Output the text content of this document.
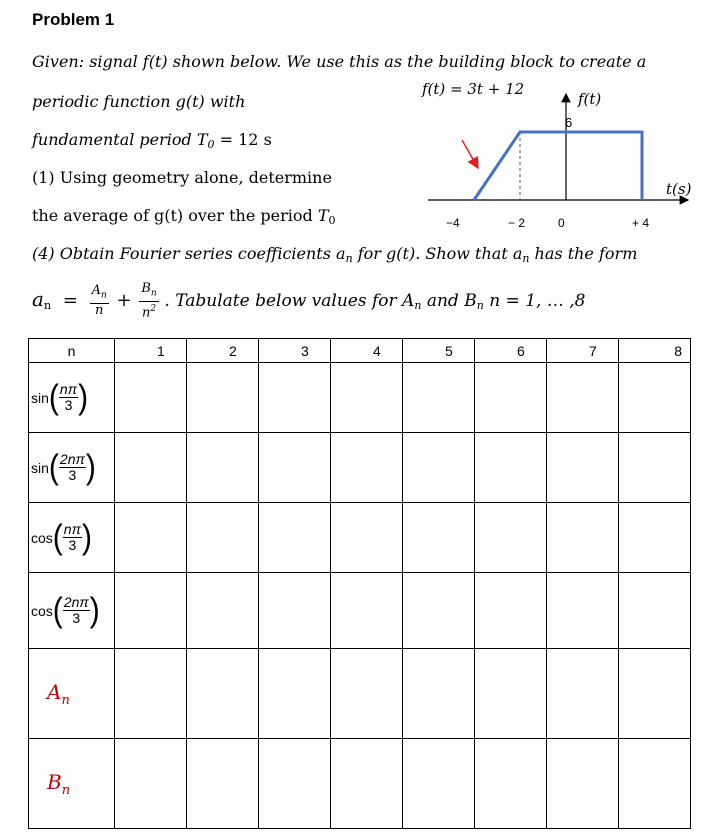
Problem 1
Given: signal f(t) shown below. We use this as the building block to create a
periodic function g(t) with
fundamental period $T_0 = 12$ s
(1) Using geometry alone, determine
the average of g(t) over the period $T_0$
(4) Obtain Fourier series coefficients $a_n$ for g(t). Show that $a_n$ has the form
$a_n = \frac{A_n}{n} + \frac{B_n}{n^2}$ . Tabulate below values for $A_n$ and $B_n$ n = 1, … ,8
f(t) = 3t + 12
f(t)
6
t(s)
−4	− 2	0	+ 4
n	1	2	3	4	5	6	7	8

sin ( nπ
3 )								

sin ( 2nπ
3 )								

cos ( nπ
3 )								

cos ( 2nπ
3 )								

$A_n$								
$B_n$								
